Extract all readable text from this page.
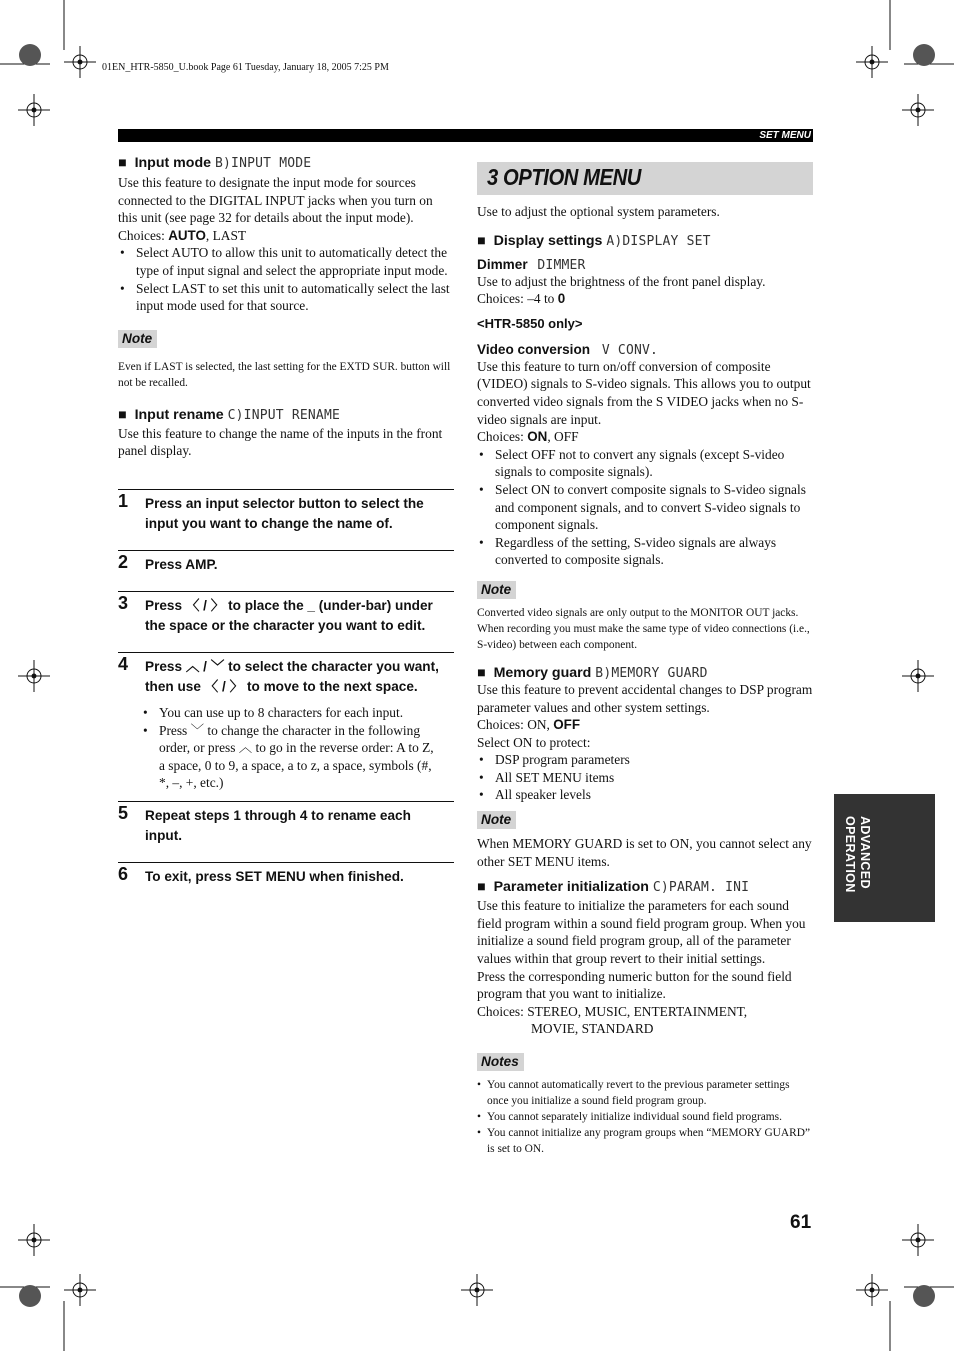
01EN_HTR-5850_U.book Page 61 Tuesday, January 18, 2005 7:25 PM
SET MENU
ADVANCED OPERATION
■ Input mode B)INPUT MODE
Use this feature to designate the input mode for sources connected to the DIGITAL INPUT jacks when you turn on this unit (see page 32 for details about the input mode).
Choices: AUTO, LAST
• Select AUTO to allow this unit to automatically detect the type of input signal and select the appropriate input mode.
• Select LAST to set this unit to automatically select the last input mode used for that source.
Note
Even if LAST is selected, the last setting for the EXTD SUR. button will not be recalled.
■ Input rename C)INPUT RENAME
Use this feature to change the name of the inputs in the front panel display.
1 Press an input selector button to select the input you want to change the name of.
2 Press AMP.
3 Press 〈 / 〉 to place the _ (under-bar) under the space or the character you want to edit.
4 Press ︿ / ﹀ to select the character you want, then use 〈 / 〉 to move to the next space.
• You can use up to 8 characters for each input.
• Press ﹀ to change the character in the following order, or press ︿ to go in the reverse order: A to Z, a space, 0 to 9, a space, a to z, a space, symbols (#, *, –, +, etc.)
5 Repeat steps 1 through 4 to rename each input.
6 To exit, press SET MENU when finished.
3 OPTION MENU
Use to adjust the optional system parameters.
■ Display settings A)DISPLAY SET
Dimmer DIMMER
Use to adjust the brightness of the front panel display.
Choices: –4 to 0
<HTR-5850 only>
Video conversion V CONV.
Use this feature to turn on/off conversion of composite (VIDEO) signals to S-video signals. This allows you to output converted video signals from the S VIDEO jacks when no S-video signals are input.
Choices: ON, OFF
• Select OFF not to convert any signals (except S-video signals to composite signals).
• Select ON to convert composite signals to S-video signals and component signals, and to convert S-video signals to component signals.
• Regardless of the setting, S-video signals are always converted to composite signals.
Note
Converted video signals are only output to the MONITOR OUT jacks. When recording you must make the same type of video connections (i.e., S-video) between each component.
■ Memory guard B)MEMORY GUARD
Use this feature to prevent accidental changes to DSP program parameter values and other system settings.
Choices: ON, OFF
Select ON to protect:
• DSP program parameters
• All SET MENU items
• All speaker levels
Note
When MEMORY GUARD is set to ON, you cannot select any other SET MENU items.
■ Parameter initialization C)PARAM. INI
Use this feature to initialize the parameters for each sound field program within a sound field program group. When you initialize a sound field program group, all of the parameter values within that group revert to their initial settings.
Press the corresponding numeric button for the sound field program that you want to initialize.
Choices: STEREO, MUSIC, ENTERTAINMENT,
MOVIE, STANDARD
Notes
• You cannot automatically revert to the previous parameter settings once you initialize a sound field program group.
• You cannot separately initialize individual sound field programs.
• You cannot initialize any program groups when “MEMORY GUARD” is set to ON.
61
